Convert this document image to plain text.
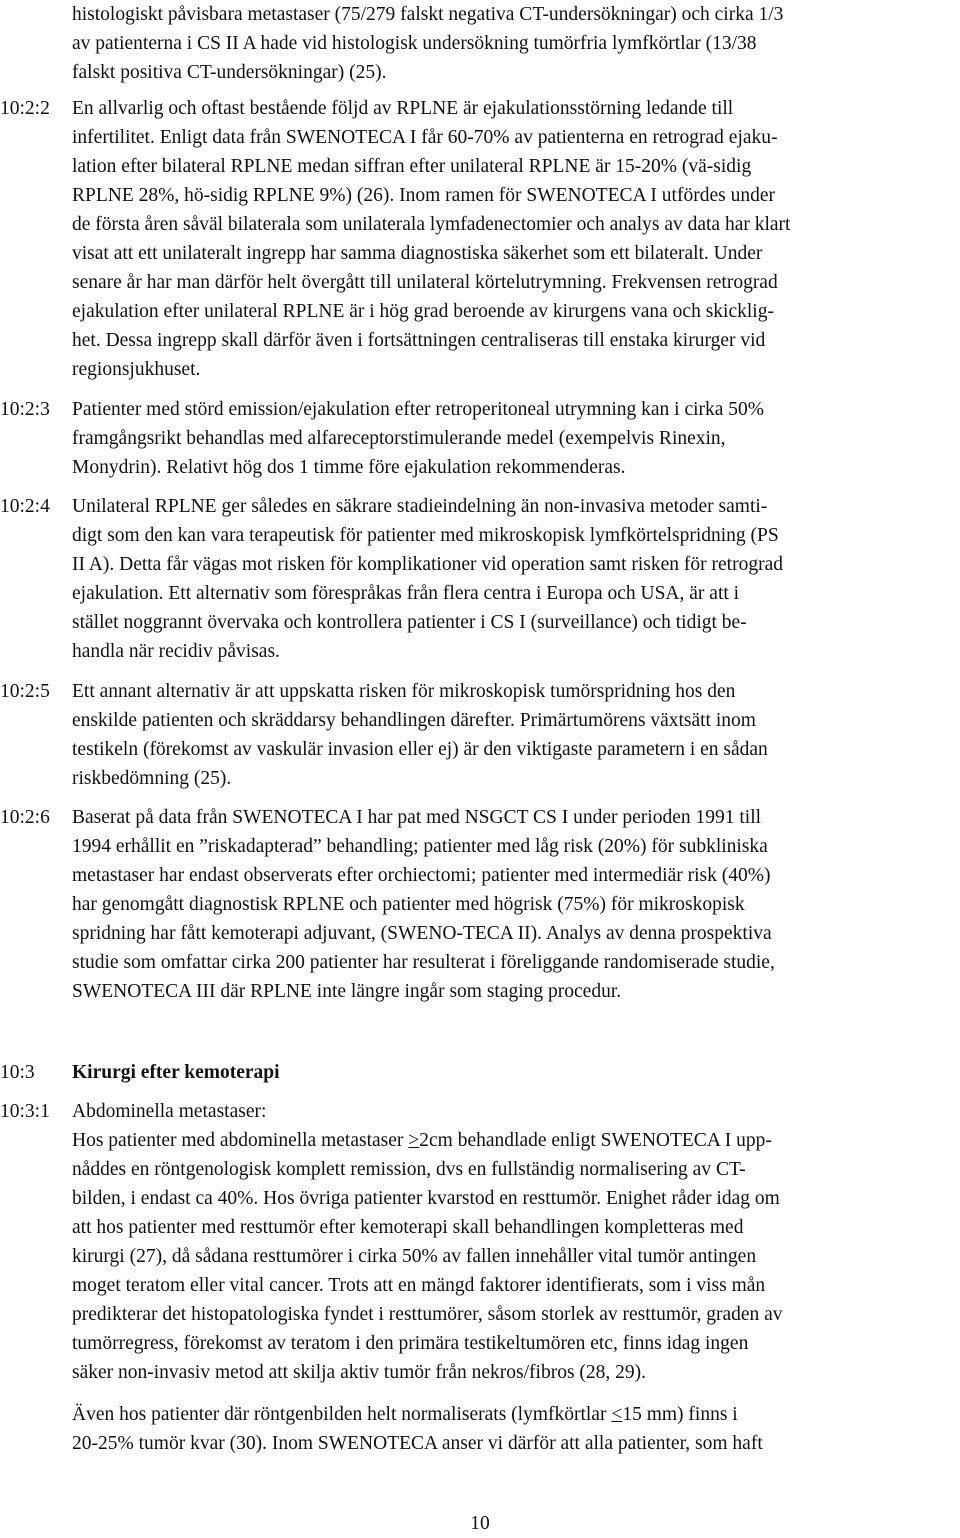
histologiskt påvisbara metastaser (75/279 falskt negativa CT-undersökningar) och cirka 1/3
av patienterna i CS II A hade vid histologisk undersökning tumörfria lymfkörtlar (13/38
falskt positiva CT-undersökningar) (25).
10:2:2 En allvarlig och oftast bestående följd av RPLNE är ejakulationsstörning ledande till
infertilitet. Enligt data från SWENOTECA I får 60-70% av patienterna en retrograd ejaku-
lation efter bilateral RPLNE medan siffran efter unilateral RPLNE är 15-20% (vä-sidig
RPLNE 28%, hö-sidig RPLNE 9%) (26). Inom ramen för SWENOTECA I utfördes under
de första åren såväl bilaterala som unilaterala lymfadenectomier och analys av data har klart
visat att ett unilateralt ingrepp har samma diagnostiska säkerhet som ett bilateralt. Under
senare år har man därför helt övergått till unilateral körtelutrymning. Frekvensen retrograd
ejakulation efter unilateral RPLNE är i hög grad beroende av kirurgens vana och skicklig-
het. Dessa ingrepp skall därför även i fortsättningen centraliseras till enstaka kirurger vid
regionsjukhuset.
10:2:3 Patienter med störd emission/ejakulation efter retroperitoneal utrymning kan i cirka 50%
framgångsrikt behandlas med alfareceptorstimulerande medel (exempelvis Rinexin,
Monydrin). Relativt hög dos 1 timme före ejakulation rekommenderas.
10:2:4 Unilateral RPLNE ger således en säkrare stadieindelning än non-invasiva metoder samti-
digt som den kan vara terapeutisk för patienter med mikroskopisk lymfkörtelspridning (PS
II A). Detta får vägas mot risken för komplikationer vid operation samt risken för retrograd
ejakulation. Ett alternativ som förespråkas från flera centra i Europa och USA, är att i
stället noggrannt övervaka och kontrollera patienter i CS I (surveillance) och tidigt be-
handla när recidiv påvisas.
10:2:5 Ett annant alternativ är att uppskatta risken för mikroskopisk tumörspridning hos den
enskilde patienten och skräddarsy behandlingen därefter. Primärtumörens växtsätt inom
testikeln (förekomst av vaskulär invasion eller ej) är den viktigaste parametern i en sådan
riskbedömning (25).
10:2:6 Baserat på data från SWENOTECA I har pat med NSGCT CS I under perioden 1991 till
1994 erhållit en ”riskadapterad” behandling; patienter med låg risk (20%) för subkliniska
metastaser har endast observerats efter orchiectomi; patienter med intermediär risk (40%)
har genomgått diagnostisk RPLNE och patienter med högrisk (75%) för mikroskopisk
spridning har fått kemoterapi adjuvant, (SWENO-TECA II). Analys av denna prospektiva
studie som omfattar cirka 200 patienter har resulterat i föreliggande randomiserade studie,
SWENOTECA III där RPLNE inte längre ingår som staging procedur.
10:3 Kirurgi efter kemoterapi
10:3:1 Abdominella metastaser:
Hos patienter med abdominella metastaser >2cm behandlade enligt SWENOTECA I upp-
nåddes en röntgenologisk komplett remission, dvs en fullständig normalisering av CT-
bilden, i endast ca 40%. Hos övriga patienter kvarstod en resttumör. Enighet råder idag om
att hos patienter med resttumör efter kemoterapi skall behandlingen kompletteras med
kirurgi (27), då sådana resttumörer i cirka 50% av fallen innehåller vital tumör antingen
moget teratom eller vital cancer. Trots att en mängd faktorer identifierats, som i viss mån
predikterar det histopatologiska fyndet i resttumörer, såsom storlek av resttumör, graden av
tumörregress, förekomst av teratom i den primära testikeltumören etc, finns idag ingen
säker non-invasiv metod att skilja aktiv tumör från nekros/fibros (28, 29).
Även hos patienter där röntgenbilden helt normaliserats (lymfkörtlar <15 mm) finns i
20-25% tumör kvar (30). Inom SWENOTECA anser vi därför att alla patienter, som haft
10
